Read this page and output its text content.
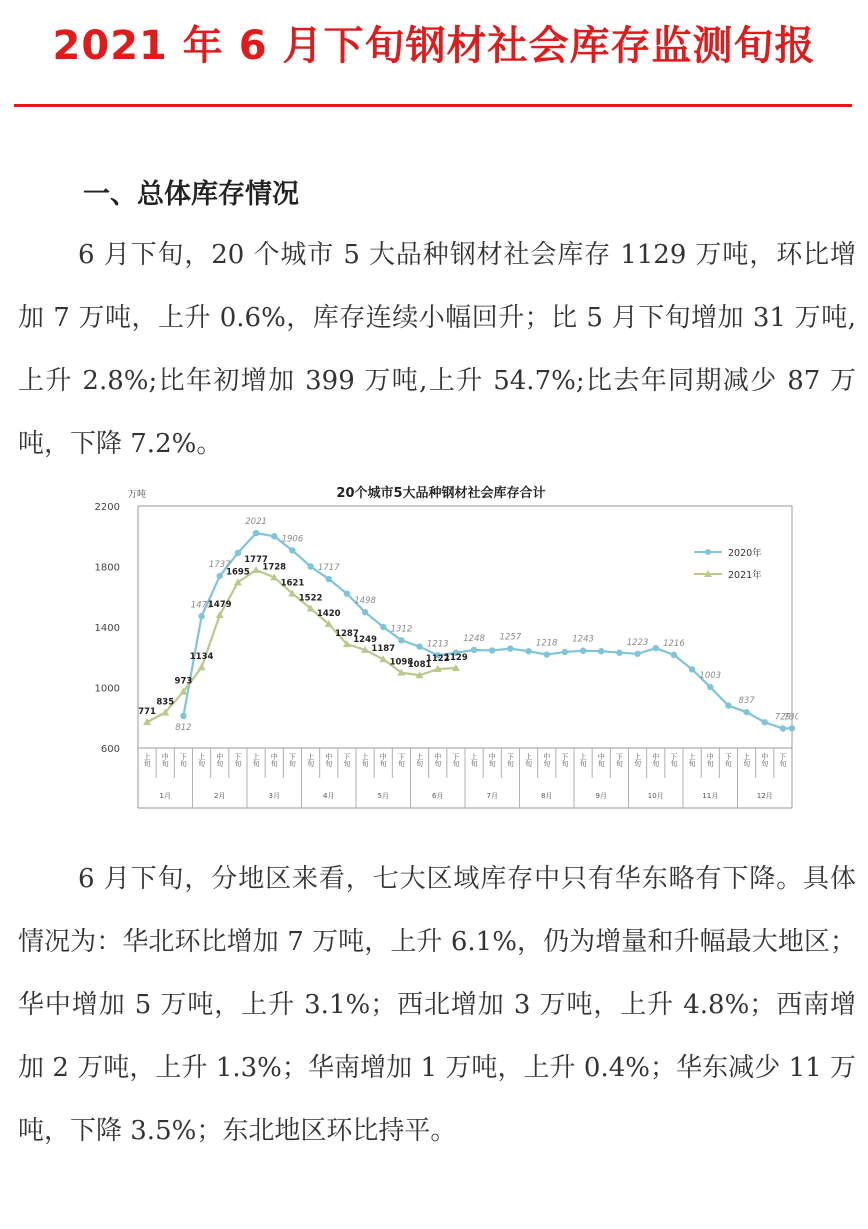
2021 年 6 月下旬钢材社会库存监测旬报
一、总体库存情况
6 月下旬，20 个城市 5 大品种钢材社会库存 1129 万吨，环比增加 7 万吨，上升 0.6%，库存连续小幅回升；比 5 月下旬增加 31 万吨,上升 2.8%;比年初增加 399 万吨,上升 54.7%;比去年同期减少 87 万吨，下降 7.2%。
20个城市5大品种钢材社会库存合计
万吨
600
1000
1400
1800
2200
上旬 中旬 下旬 上旬 中旬 下旬 上旬 中旬 下旬 上旬 中旬 下旬 上旬 中旬 下旬 上旬 中旬 下旬 上旬 中旬 下旬 上旬 中旬 下旬 上旬 中旬 下旬 上旬 中旬 下旬 上旬 中旬 下旬 上旬 中旬 下旬
1月	2月	3月	4月	5月	6月	7月	8月	9月	10月	11月	12月
812
1471
1737
2021
1906
1717
1498
1312
1213
1248 1257
1218 1243	1223 1216
1003
837
729
73
771
835
973
1134
1479
1695
1777
1728
1621
1522
1420
1287
1249
1187
1098
1081
1122
1129
2020年
2021年
6 月下旬，分地区来看，七大区域库存中只有华东略有下降。具体情况为：华北环比增加 7 万吨，上升 6.1%，仍为增量和升幅最大地区；华中增加 5 万吨，上升 3.1%；西北增加 3 万吨，上升 4.8%；西南增加 2 万吨，上升 1.3%；华南增加 1 万吨，上升 0.4%；华东减少 11 万吨，下降 3.5%；东北地区环比持平。
